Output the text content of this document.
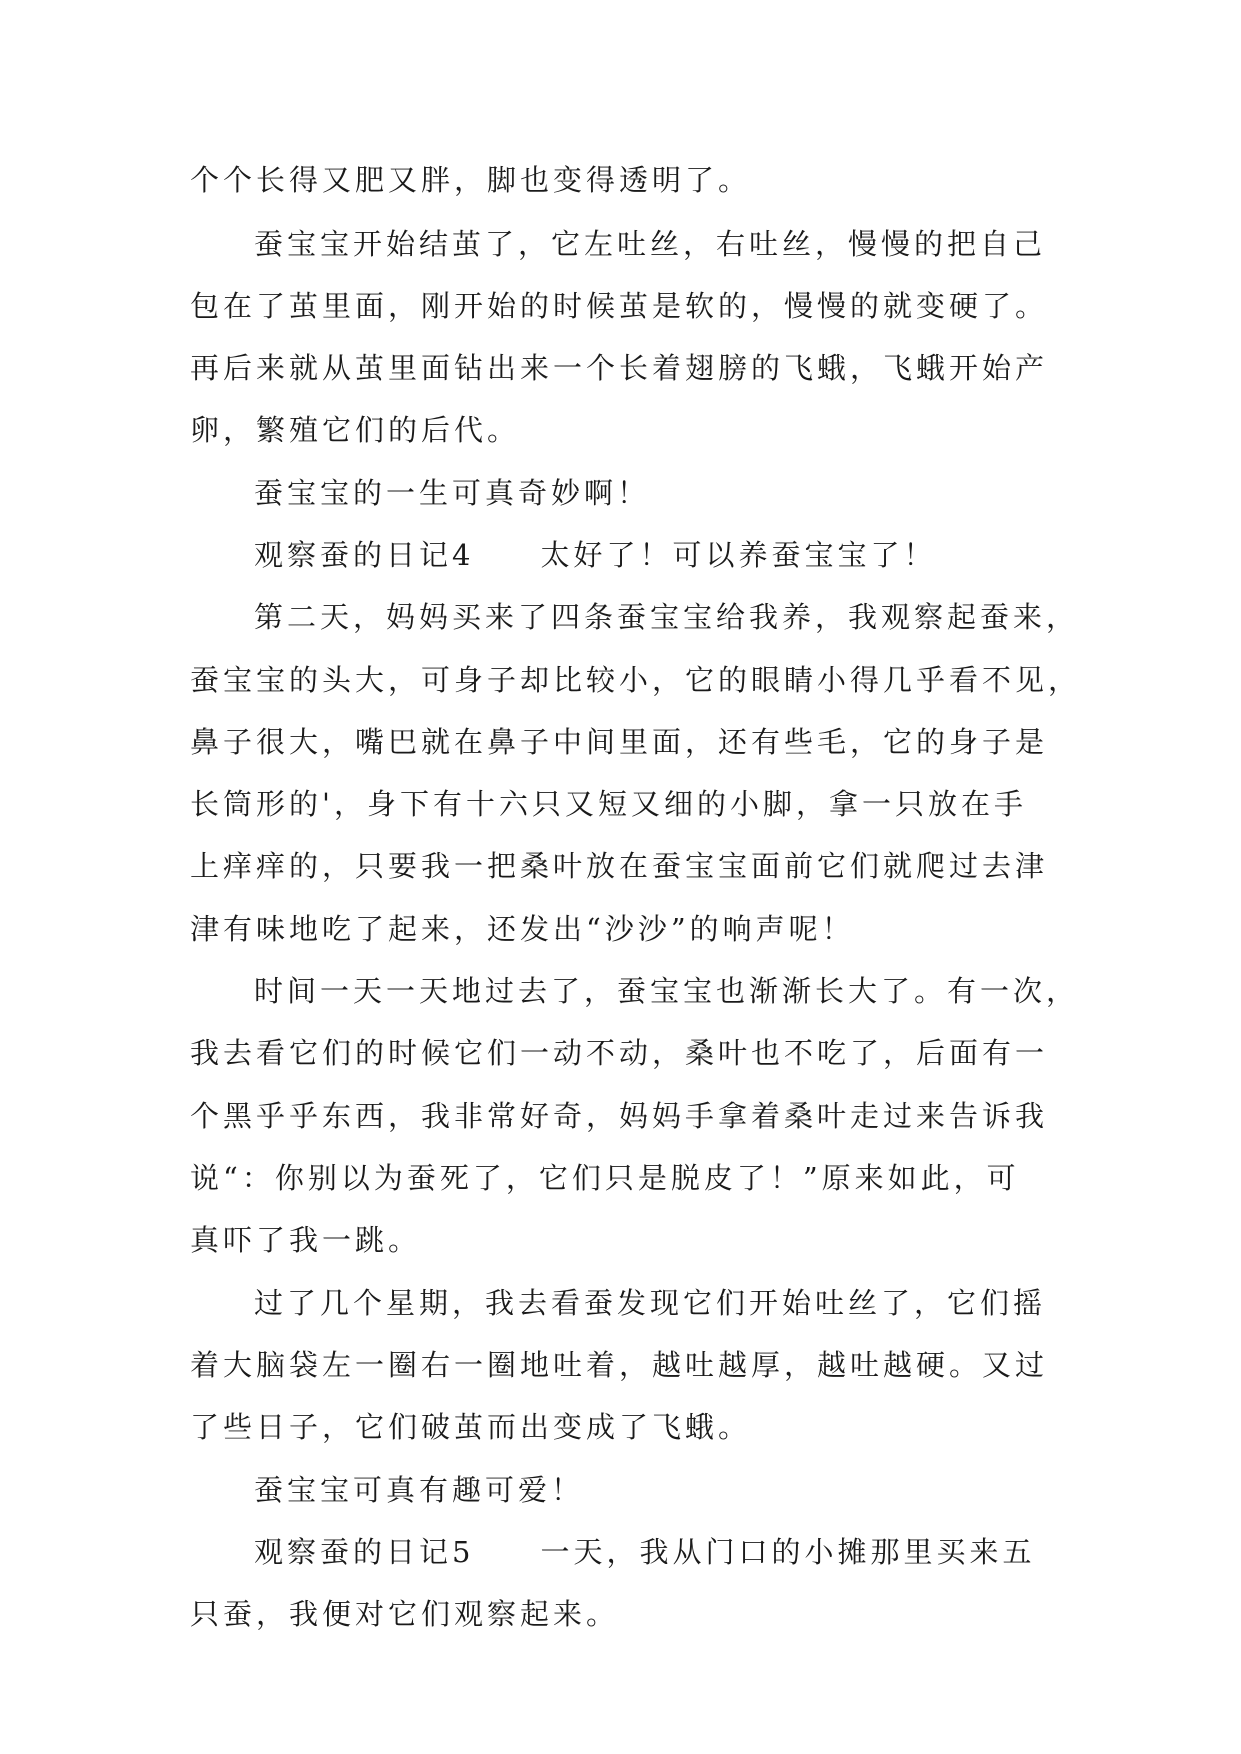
个个长得又肥又胖，脚也变得透明了。
蚕宝宝开始结茧了，它左吐丝，右吐丝，慢慢的把自己
包在了茧里面，刚开始的时候茧是软的，慢慢的就变硬了。
再后来就从茧里面钻出来一个长着翅膀的飞蛾，飞蛾开始产
卵，繁殖它们的后代。
蚕宝宝的一生可真奇妙啊！
观察蚕的日记4　　太好了！可以养蚕宝宝了！
第二天，妈妈买来了四条蚕宝宝给我养，我观察起蚕来，
蚕宝宝的头大，可身子却比较小，它的眼睛小得几乎看不见，
鼻子很大，嘴巴就在鼻子中间里面，还有些毛，它的身子是
长筒形的'，身下有十六只又短又细的小脚，拿一只放在手
上痒痒的，只要我一把桑叶放在蚕宝宝面前它们就爬过去津
津有味地吃了起来，还发出“沙沙”的响声呢！
时间一天一天地过去了，蚕宝宝也渐渐长大了。有一次，
我去看它们的时候它们一动不动，桑叶也不吃了，后面有一
个黑乎乎东西，我非常好奇，妈妈手拿着桑叶走过来告诉我
说“：你别以为蚕死了，它们只是脱皮了！”原来如此，可
真吓了我一跳。
过了几个星期，我去看蚕发现它们开始吐丝了，它们摇
着大脑袋左一圈右一圈地吐着，越吐越厚，越吐越硬。又过
了些日子，它们破茧而出变成了飞蛾。
蚕宝宝可真有趣可爱！
观察蚕的日记5　　一天，我从门口的小摊那里买来五
只蚕，我便对它们观察起来。
